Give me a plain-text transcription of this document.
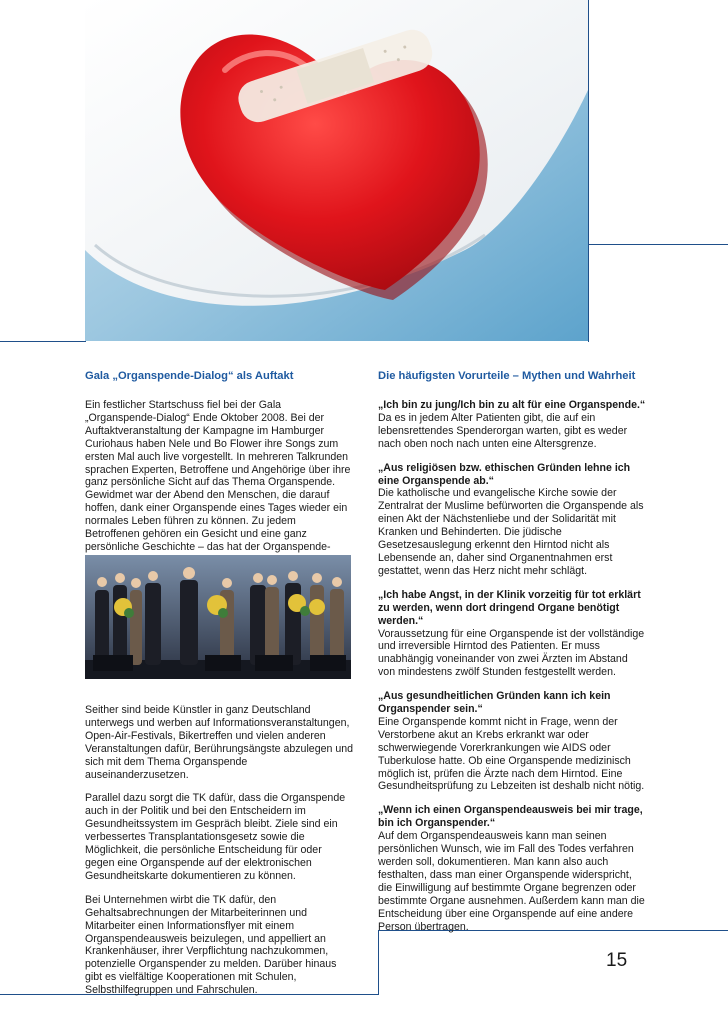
Gala „Organspende-Dialog“ als Auftakt

Ein festlicher Startschuss fiel bei der Gala „Organspende-Dialog“ Ende Oktober 2008. Bei der Auftaktveranstaltung der Kampagne im Hamburger Curiohaus haben Nele und Bo Flower ihre Songs zum ersten Mal auch live vorgestellt. In mehreren Talkrunden sprachen Experten, Betroffene und Angehörige über ihre ganz persönliche Sicht auf das Thema Organspende. Gewidmet war der Abend den Menschen, die darauf hoffen, dank einer Organspende eines Tages wieder ein normales Leben führen zu können. Zu jedem Betroffenen gehören ein Gesicht und eine ganz persönliche Geschichte – das hat der Organspende-

Seither sind beide Künstler in ganz Deutschland unterwegs und werben auf Informationsveranstaltungen, Open-Air-Festivals, Bikertreffen und vielen anderen Veranstaltungen dafür, Berührungsängste abzulegen und sich mit dem Thema Organspende auseinanderzusetzen.

Parallel dazu sorgt die TK dafür, dass die Organspende auch in der Politik und bei den Entscheidern im Gesundheitssystem im Gespräch bleibt. Ziele sind ein verbessertes Transplantationsgesetz sowie die Möglichkeit, die persönliche Entscheidung für oder gegen eine Organspende auf der elektronischen Gesundheitskarte dokumentieren zu können.

Bei Unternehmen wirbt die TK dafür, den Gehaltsabrechnungen der Mitarbeiterinnen und Mitarbeiter einen Informationsflyer mit einem Organspendeausweis beizulegen, und appelliert an Krankenhäuser, ihrer Verpflichtung nachzukommen, potenzielle Organspender zu melden. Darüber hinaus gibt es vielfältige Kooperationen mit Schulen, Selbsthilfegruppen und Fahrschulen.

Die häufigsten Vorurteile – Mythen und Wahrheit

„Ich bin zu jung/Ich bin zu alt für eine Organspende.“
Da es in jedem Alter Patienten gibt, die auf ein lebensrettendes Spenderorgan warten, gibt es weder nach oben noch nach unten eine Altersgrenze.

„Aus religiösen bzw. ethischen Gründen lehne ich eine Organspende ab.“
Die katholische und evangelische Kirche sowie der Zentralrat der Muslime befürworten die Organspende als einen Akt der Nächstenliebe und der Solidarität mit Kranken und Behinderten. Die jüdische Gesetzesauslegung erkennt den Hirntod nicht als Lebensende an, daher sind Organentnahmen erst gestattet, wenn das Herz nicht mehr schlägt.

„Ich habe Angst, in der Klinik vorzeitig für tot erklärt zu werden, wenn dort dringend Organe benötigt werden.“
Voraussetzung für eine Organspende ist der vollständige und irreversible Hirntod des Patienten. Er muss unabhängig voneinander von zwei Ärzten im Abstand von mindestens zwölf Stunden festgestellt werden.

„Aus gesundheitlichen Gründen kann ich kein Organspender sein.“
Eine Organspende kommt nicht in Frage, wenn der Verstorbene akut an Krebs erkrankt war oder schwerwiegende Vorerkrankungen wie AIDS oder Tuberkulose hatte. Ob eine Organspende medizinisch möglich ist, prüfen die Ärzte nach dem Hirntod. Eine Gesundheitsprüfung zu Lebzeiten ist deshalb nicht nötig.

„Wenn ich einen Organspendeausweis bei mir trage, bin ich Organspender.“
Auf dem Organspendeausweis kann man seinen persönlichen Wunsch, wie im Fall des Todes verfahren werden soll, dokumentieren. Man kann also auch festhalten, dass man einer Organspende widerspricht, die Einwilligung auf bestimmte Organe begrenzen oder bestimmte Organe ausnehmen. Außerdem kann man die Entscheidung über eine Organspende auf eine andere Person übertragen.

15
